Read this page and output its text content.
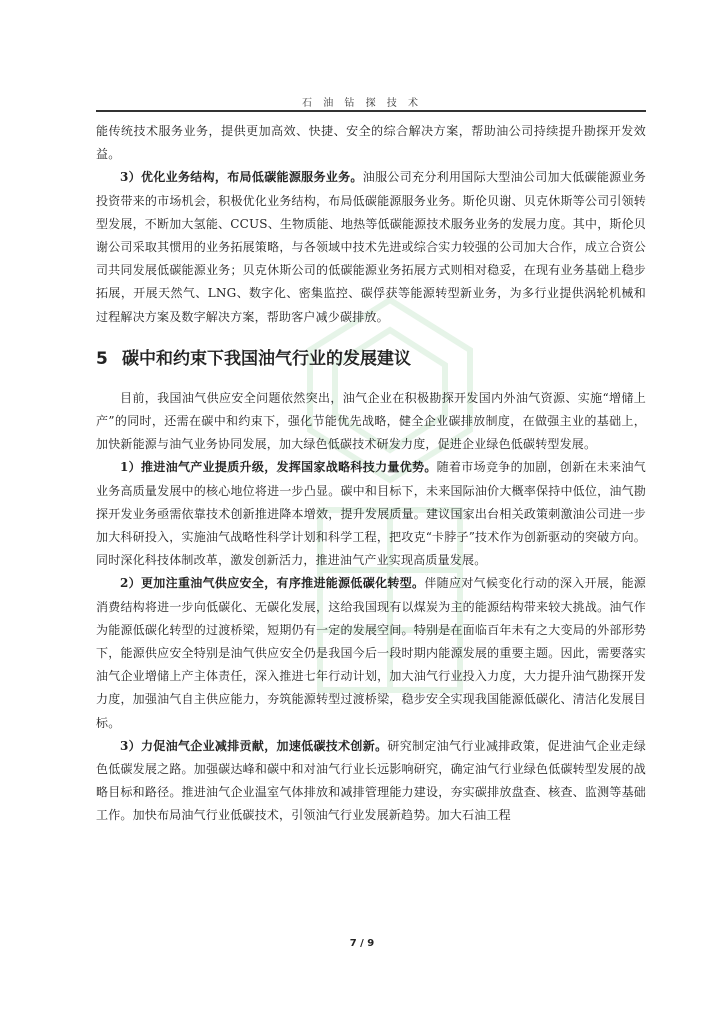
石 油 钻 探 技 术

能传统技术服务业务，提供更加高效、快捷、安全的综合解决方案，帮助油公司持续提升勘探开发效益。

3）优化业务结构，布局低碳能源服务业务。油服公司充分利用国际大型油公司加大低碳能源业务投资带来的市场机会，积极优化业务结构，布局低碳能源服务业务。斯伦贝谢、贝克休斯等公司引领转型发展，不断加大氢能、CCUS、生物质能、地热等低碳能源技术服务业务的发展力度。其中，斯伦贝谢公司采取其惯用的业务拓展策略，与各领域中技术先进或综合实力较强的公司加大合作，成立合资公司共同发展低碳能源业务；贝克休斯公司的低碳能源业务拓展方式则相对稳妥，在现有业务基础上稳步拓展，开展天然气、LNG、数字化、密集监控、碳俘获等能源转型新业务，为多行业提供涡轮机械和过程解决方案及数字解决方案，帮助客户减少碳排放。

5 碳中和约束下我国油气行业的发展建议

目前，我国油气供应安全问题依然突出，油气企业在积极勘探开发国内外油气资源、实施“增储上产”的同时，还需在碳中和约束下，强化节能优先战略，健全企业碳排放制度，在做强主业的基础上，加快新能源与油气业务协同发展，加大绿色低碳技术研发力度，促进企业绿色低碳转型发展。

1）推进油气产业提质升级，发挥国家战略科技力量优势。随着市场竞争的加剧，创新在未来油气业务高质量发展中的核心地位将进一步凸显。碳中和目标下，未来国际油价大概率保持中低位，油气勘探开发业务亟需依靠技术创新推进降本增效，提升发展质量。建议国家出台相关政策刺激油公司进一步加大科研投入，实施油气战略性科学计划和科学工程，把攻克“卡脖子”技术作为创新驱动的突破方向。同时深化科技体制改革，激发创新活力，推进油气产业实现高质量发展。

2）更加注重油气供应安全，有序推进能源低碳化转型。伴随应对气候变化行动的深入开展，能源消费结构将进一步向低碳化、无碳化发展，这给我国现有以煤炭为主的能源结构带来较大挑战。油气作为能源低碳化转型的过渡桥梁，短期仍有一定的发展空间。特别是在面临百年未有之大变局的外部形势下，能源供应安全特别是油气供应安全仍是我国今后一段时期内能源发展的重要主题。因此，需要落实油气企业增储上产主体责任，深入推进七年行动计划，加大油气行业投入力度，大力提升油气勘探开发力度，加强油气自主供应能力，夯筑能源转型过渡桥梁，稳步安全实现我国能源低碳化、清洁化发展目标。

3）力促油气企业减排贡献，加速低碳技术创新。研究制定油气行业减排政策，促进油气企业走绿色低碳发展之路。加强碳达峰和碳中和对油气行业长远影响研究，确定油气行业绿色低碳转型发展的战略目标和路径。推进油气企业温室气体排放和减排管理能力建设，夯实碳排放盘查、核查、监测等基础工作。加快布局油气行业低碳技术，引领油气行业发展新趋势。加大石油工程

7 / 9
